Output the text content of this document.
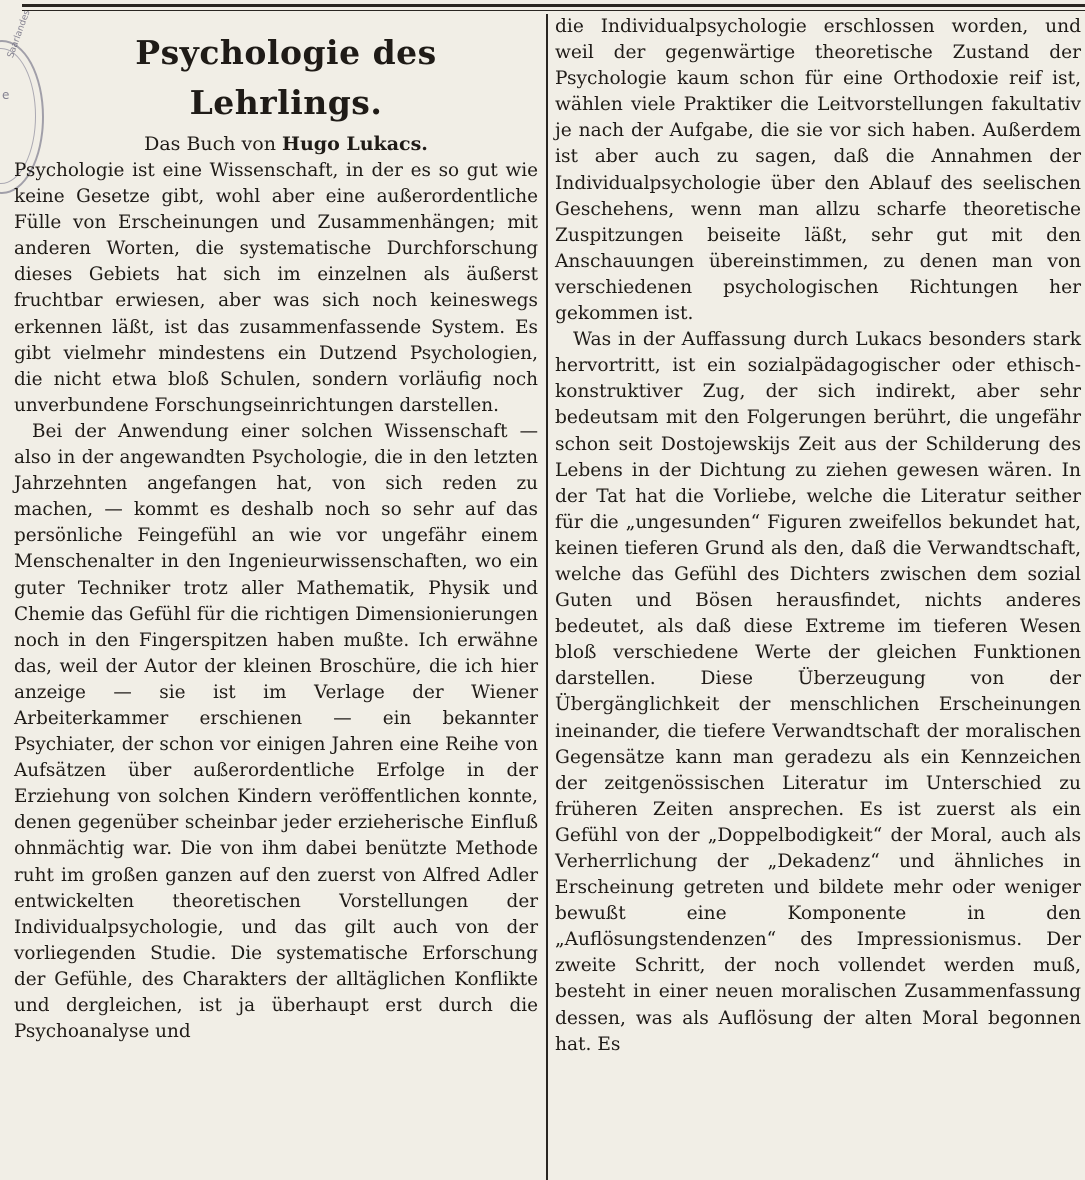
Saarlandes
e
Psychologie des Lehrlings.
Das Buch von Hugo Lukacs.

Psychologie ist eine Wissenschaft, in der es so gut wie keine Gesetze gibt, wohl aber eine außerordentliche Fülle von Erscheinungen und Zusammenhängen; mit anderen Worten, die systematische Durchforschung dieses Gebiets hat sich im einzelnen als äußerst fruchtbar erwiesen, aber was sich noch keineswegs erkennen läßt, ist das zusammenfassende System. Es gibt vielmehr mindestens ein Dutzend Psychologien, die nicht etwa bloß Schulen, sondern vorläufig noch unverbundene Forschungseinrichtungen darstellen.

Bei der Anwendung einer solchen Wissenschaft — also in der angewandten Psychologie, die in den letzten Jahrzehnten angefangen hat, von sich reden zu machen, — kommt es deshalb noch so sehr auf das persönliche Feingefühl an wie vor ungefähr einem Menschenalter in den Ingenieurwissenschaften, wo ein guter Techniker trotz aller Mathematik, Physik und Chemie das Gefühl für die richtigen Dimensionierungen noch in den Fingerspitzen haben mußte. Ich erwähne das, weil der Autor der kleinen Broschüre, die ich hier anzeige — sie ist im Verlage der Wiener Arbeiterkammer erschienen — ein bekannter Psychiater, der schon vor einigen Jahren eine Reihe von Aufsätzen über außerordentliche Erfolge in der Erziehung von solchen Kindern veröffentlichen konnte, denen gegenüber scheinbar jeder erzieherische Einfluß ohnmächtig war. Die von ihm dabei benützte Methode ruht im großen ganzen auf den zuerst von Alfred Adler entwickelten theoretischen Vorstellungen der Individualpsychologie, und das gilt auch von der vorliegenden Studie. Die systematische Erforschung der Gefühle, des Charakters der alltäglichen Konflikte und dergleichen, ist ja überhaupt erst durch die Psychoanalyse und

die Individualpsychologie erschlossen worden, und weil der gegenwärtige theoretische Zustand der Psychologie kaum schon für eine Orthodoxie reif ist, wählen viele Praktiker die Leitvorstellungen fakultativ je nach der Aufgabe, die sie vor sich haben. Außerdem ist aber auch zu sagen, daß die Annahmen der Individualpsychologie über den Ablauf des seelischen Geschehens, wenn man allzu scharfe theoretische Zuspitzungen beiseite läßt, sehr gut mit den Anschauungen übereinstimmen, zu denen man von verschiedenen psychologischen Richtungen her gekommen ist.

Was in der Auffassung durch Lukacs besonders stark hervortritt, ist ein sozialpädagogischer oder ethisch-konstruktiver Zug, der sich indirekt, aber sehr bedeutsam mit den Folgerungen berührt, die ungefähr schon seit Dostojewskijs Zeit aus der Schilderung des Lebens in der Dichtung zu ziehen gewesen wären. In der Tat hat die Vorliebe, welche die Literatur seither für die „ungesunden“ Figuren zweifellos bekundet hat, keinen tieferen Grund als den, daß die Verwandtschaft, welche das Gefühl des Dichters zwischen dem sozial Guten und Bösen herausfindet, nichts anderes bedeutet, als daß diese Extreme im tieferen Wesen bloß verschiedene Werte der gleichen Funktionen darstellen. Diese Überzeugung von der Übergänglichkeit der menschlichen Erscheinungen ineinander, die tiefere Verwandtschaft der moralischen Gegensätze kann man geradezu als ein Kennzeichen der zeitgenössischen Literatur im Unterschied zu früheren Zeiten ansprechen. Es ist zuerst als ein Gefühl von der „Doppelbodigkeit“ der Moral, auch als Verherrlichung der „Dekadenz“ und ähnliches in Erscheinung getreten und bildete mehr oder weniger bewußt eine Komponente in den „Auflösungstendenzen“ des Impressionismus. Der zweite Schritt, der noch vollendet werden muß, besteht in einer neuen moralischen Zusammenfassung dessen, was als Auflösung der alten Moral begonnen hat. Es
